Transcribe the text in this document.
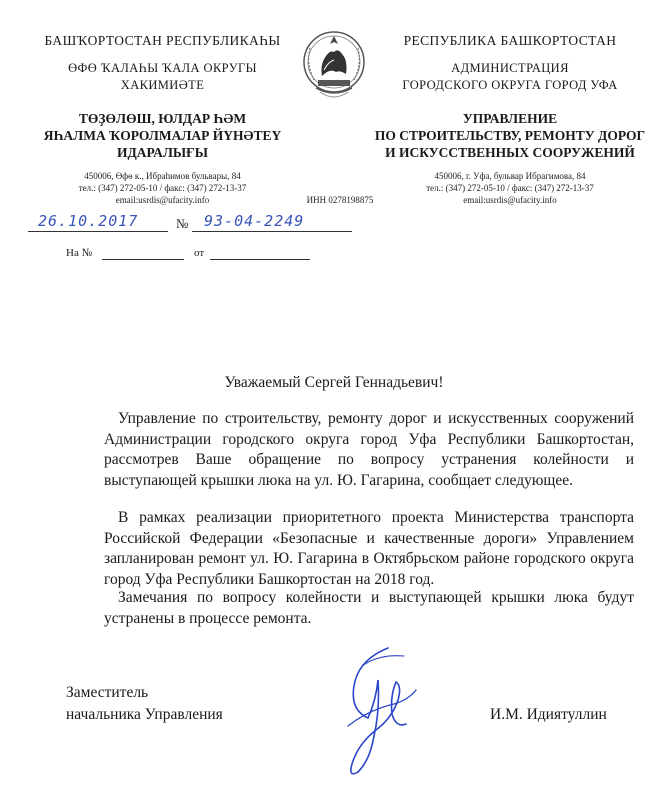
БАШҠОРТОСТАН РЕСПУБЛИКАҺЫ
ӨФӨ ҠАЛАҺЫ ҠАЛА ОКРУГЫ
ХАКИМИӘТЕ
ТӨҘӨЛӨШ, ЮЛДАР ҺӘМ
ЯҺАЛМА ҠОРОЛМАЛАР ЙҮНӘТЕҮ
ИДАРАЛЫҒЫ
450006, Өфө к., Ибраһимов бульвары, 84
тел.: (347) 272-05-10 / факс: (347) 272-13-37
email:usrdis@ufacity.info
РЕСПУБЛИКА БАШКОРТОСТАН
АДМИНИСТРАЦИЯ
ГОРОДСКОГО ОКРУГА ГОРОД УФА
УПРАВЛЕНИЕ
ПО СТРОИТЕЛЬСТВУ, РЕМОНТУ ДОРОГ
И ИСКУССТВЕННЫХ СООРУЖЕНИЙ
450006, г. Уфа, бульвар Ибрагимова, 84
тел.: (347) 272-05-10 / факс: (347) 272-13-37
email:usrdis@ufacity.info
ИНН 0278198875
26.10.2017	№ 93-04-2249
На №	от
Уважаемый Сергей Геннадьевич!
Управление по строительству, ремонту дорог и искусственных сооружений Администрации городского округа город Уфа Республики Башкортостан, рассмотрев Ваше обращение по вопросу устранения колейности и выступающей крышки люка на ул. Ю. Гагарина, сообщает следующее.
В рамках реализации приоритетного проекта Министерства транспорта Российской Федерации «Безопасные и качественные дороги» Управлением запланирован ремонт ул. Ю. Гагарина в Октябрьском районе городского округа город Уфа Республики Башкортостан на 2018 год.
Замечания по вопросу колейности и выступающей крышки люка будут устранены в процессе ремонта.
Заместитель
начальника Управления	И.М. Идиятуллин
